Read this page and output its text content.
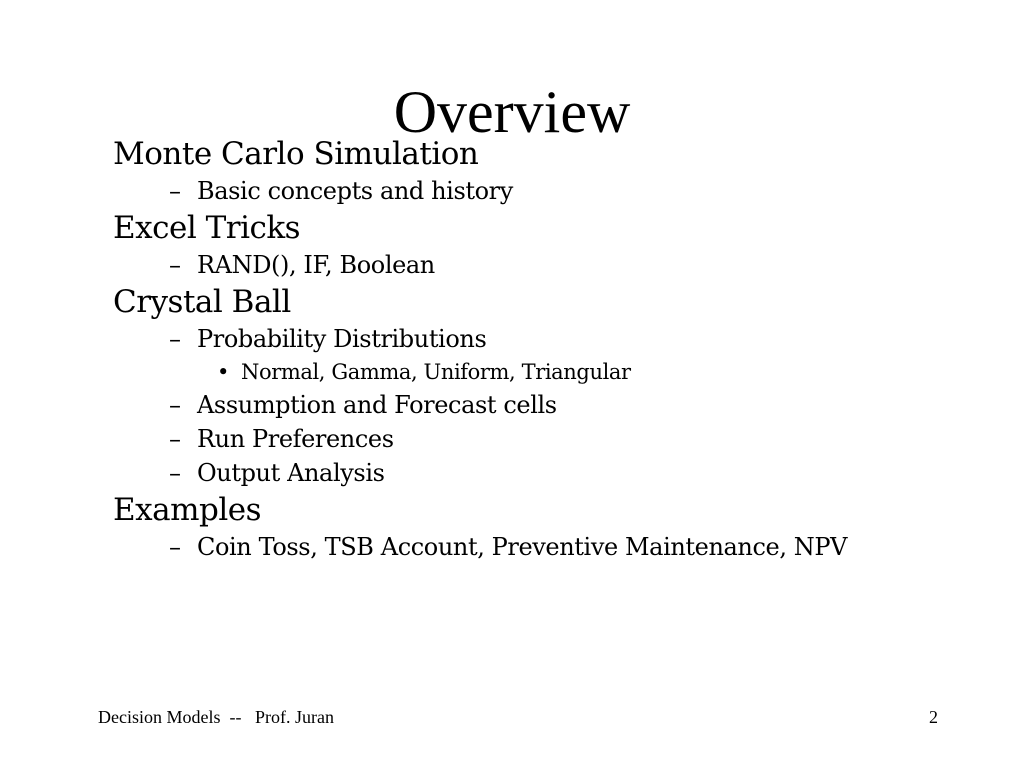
Overview
Monte Carlo Simulation
– Basic concepts and history
Excel Tricks
– RAND(), IF, Boolean
Crystal Ball
– Probability Distributions
• Normal, Gamma, Uniform, Triangular
– Assumption and Forecast cells
– Run Preferences
– Output Analysis
Examples
– Coin Toss, TSB Account, Preventive Maintenance, NPV
Decision Models  --   Prof. Juran	2
